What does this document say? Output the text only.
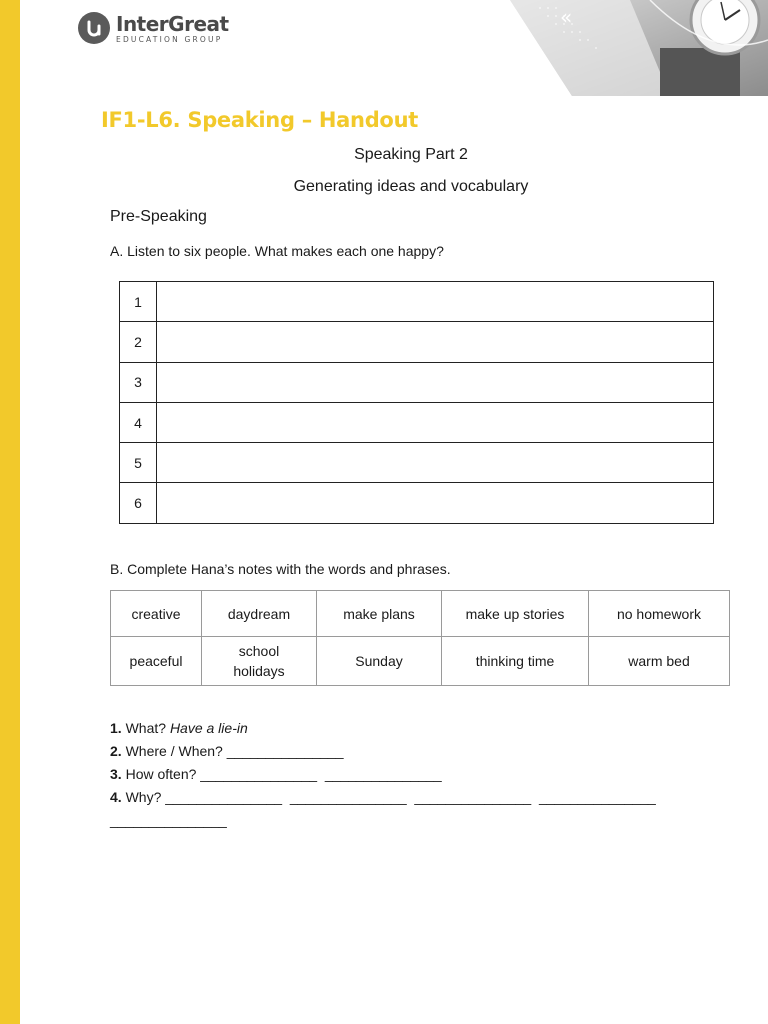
«
InterGreat
EDUCATION GROUP
IF1-L6. Speaking – Handout
Speaking Part 2
Generating ideas and vocabulary
Pre-Speaking
A. Listen to six people. What makes each one happy?
1	
2	
3	
4	
5	
6	
B. Complete Hana’s notes with the words and phrases.
creative	daydream	make plans	make up stories	no homework
peaceful	school holidays	Sunday	thinking time	warm bed
1. What? Have a lie-in
2. Where / When? _______________
3. How often? _______________  _______________
4. Why? _______________  _______________  _______________  _______________
_______________
